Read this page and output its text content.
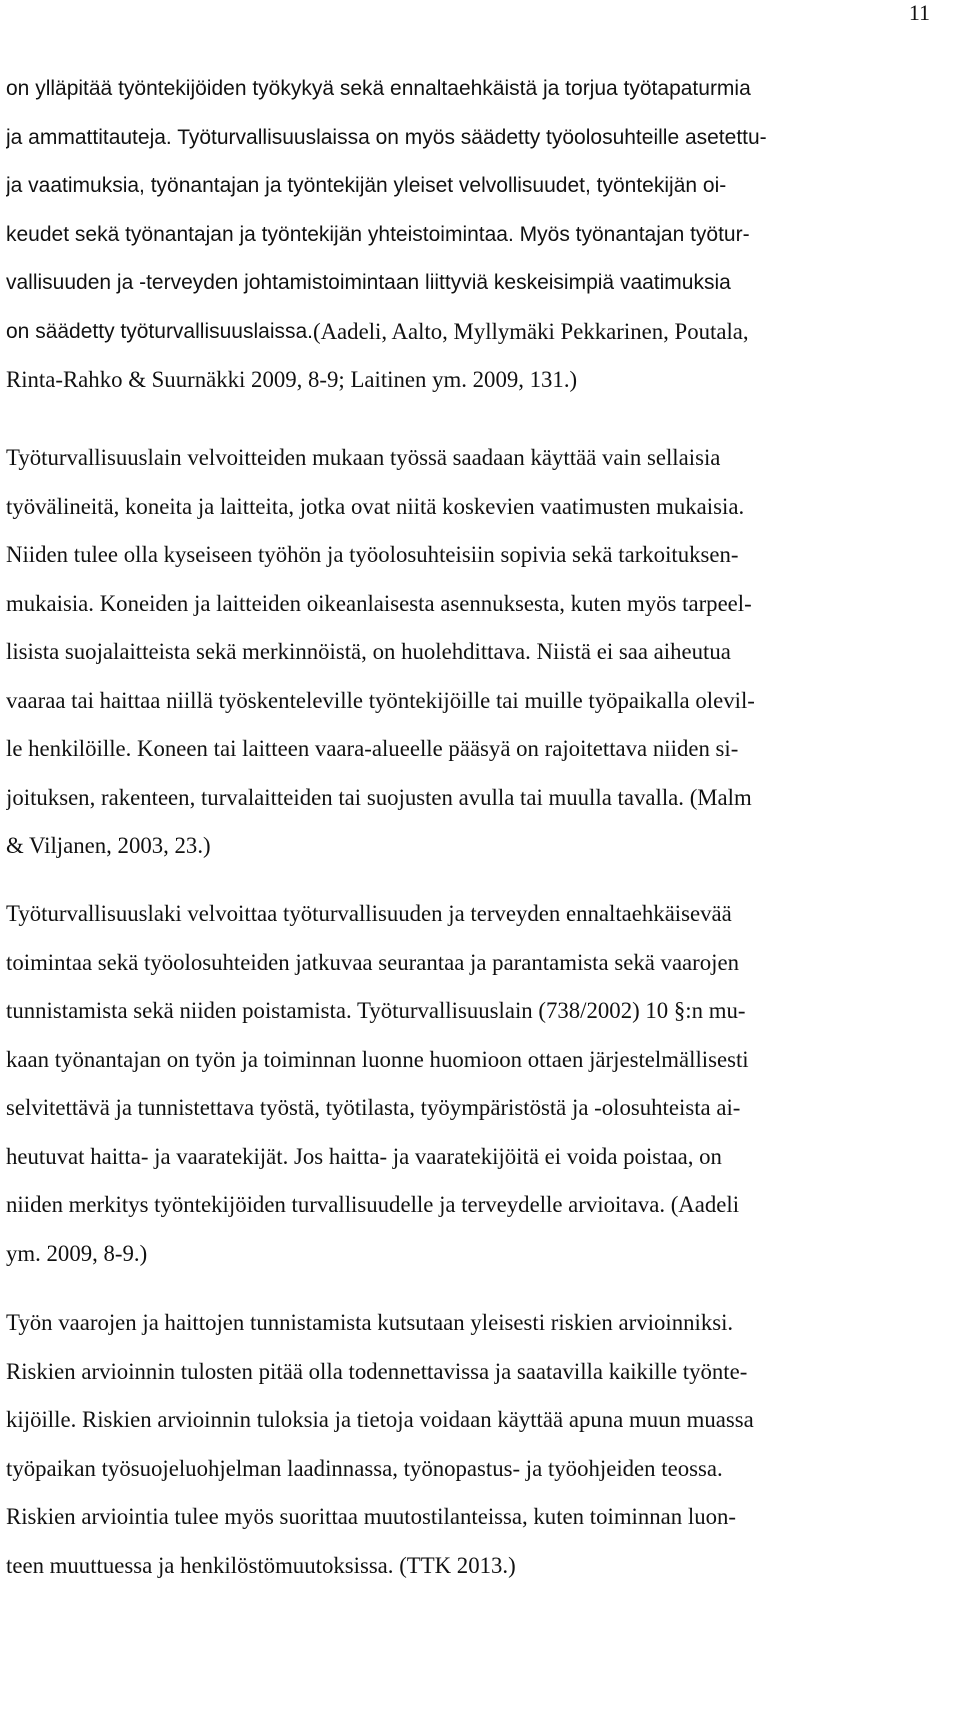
11
on ylläpitää työntekijöiden työkykyä sekä ennaltaehkäistä ja torjua työtapaturmia
ja ammattitauteja. Työturvallisuuslaissa on myös säädetty työolosuhteille asetettu-
ja vaatimuksia, työnantajan ja työntekijän yleiset velvollisuudet, työntekijän oi-
keudet sekä työnantajan ja työntekijän yhteistoimintaa. Myös työnantajan työtur-
vallisuuden ja -terveyden johtamistoimintaan liittyviä keskeisimpiä vaatimuksia
on säädetty työturvallisuuslaissa. (Aadeli, Aalto, Myllymäki Pekkarinen, Poutala,
Rinta-Rahko & Suurnäkki 2009, 8-9; Laitinen ym. 2009, 131.)
Työturvallisuuslain velvoitteiden mukaan työssä saadaan käyttää vain sellaisia
työvälineitä, koneita ja laitteita, jotka ovat niitä koskevien vaatimusten mukaisia.
Niiden tulee olla kyseiseen työhön ja työolosuhteisiin sopivia sekä tarkoituksen-
mukaisia. Koneiden ja laitteiden oikeanlaisesta asennuksesta, kuten myös tarpeel-
lisista suojalaitteista sekä merkinnöistä, on huolehdittava. Niistä ei saa aiheutua
vaaraa tai haittaa niillä työskenteleville työntekijöille tai muille työpaikalla olevil-
le henkilöille. Koneen tai laitteen vaara-alueelle pääsyä on rajoitettava niiden si-
joituksen, rakenteen, turvalaitteiden tai suojusten avulla tai muulla tavalla. (Malm
& Viljanen, 2003, 23.)
Työturvallisuuslaki velvoittaa työturvallisuuden ja terveyden ennaltaehkäisevää
toimintaa sekä työolosuhteiden jatkuvaa seurantaa ja parantamista sekä vaarojen
tunnistamista sekä niiden poistamista. Työturvallisuuslain (738/2002) 10 §:n mu-
kaan työnantajan on työn ja toiminnan luonne huomioon ottaen järjestelmällisesti
selvitettävä ja tunnistettava työstä, työtilasta, työympäristöstä ja -olosuhteista ai-
heutuvat haitta- ja vaaratekijät. Jos haitta- ja vaaratekijöitä ei voida poistaa, on
niiden merkitys työntekijöiden turvallisuudelle ja terveydelle arvioitava. (Aadeli
ym. 2009, 8-9.)
Työn vaarojen ja haittojen tunnistamista kutsutaan yleisesti riskien arvioinniksi.
Riskien arvioinnin tulosten pitää olla todennettavissa ja saatavilla kaikille työnte-
kijöille. Riskien arvioinnin tuloksia ja tietoja voidaan käyttää apuna muun muassa
työpaikan työsuojeluohjelman laadinnassa, työnopastus- ja työohjeiden teossa.
Riskien arviointia tulee myös suorittaa muutostilanteissa, kuten toiminnan luon-
teen muuttuessa ja henkilöstömuutoksissa. (TTK 2013.)
